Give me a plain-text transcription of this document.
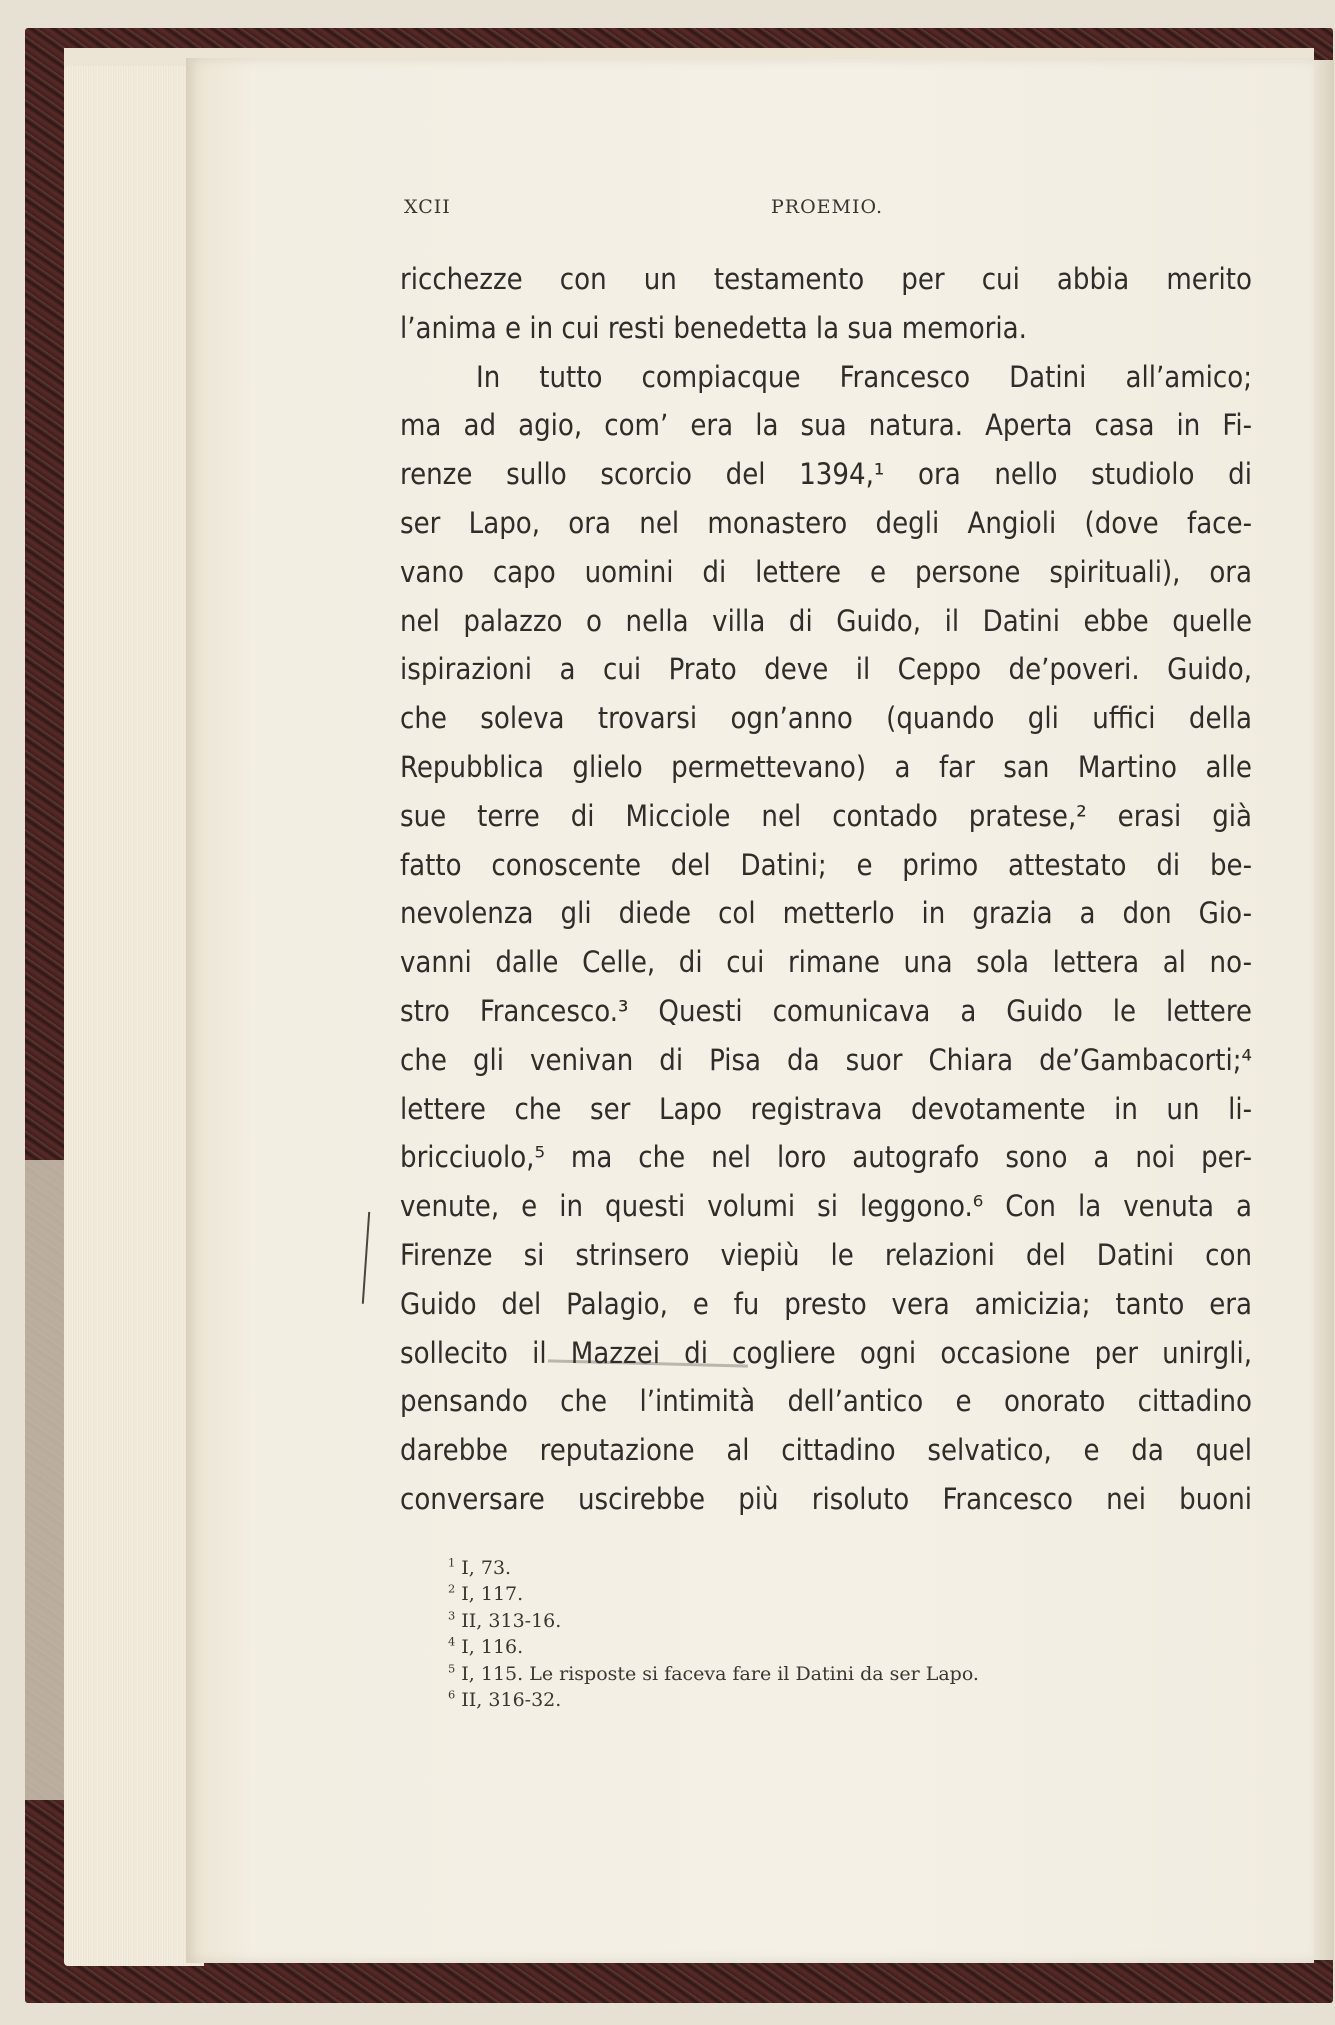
XCII	PROEMIO.
ricchezze con un testamento per cui abbia merito
l’anima e in cui resti benedetta la sua memoria.
In tutto compiacque Francesco Datini all’amico;
ma ad agio, com’ era la sua natura. Aperta casa in Fi-
renze sullo scorcio del 1394,¹ ora nello studiolo di
ser Lapo, ora nel monastero degli Angioli (dove face-
vano capo uomini di lettere e persone spirituali), ora
nel palazzo o nella villa di Guido, il Datini ebbe quelle
ispirazioni a cui Prato deve il Ceppo de’poveri. Guido,
che soleva trovarsi ogn’anno (quando gli uffici della
Repubblica glielo permettevano) a far san Martino alle
sue terre di Micciole nel contado pratese,² erasi già
fatto conoscente del Datini; e primo attestato di be-
nevolenza gli diede col metterlo in grazia a don Gio-
vanni dalle Celle, di cui rimane una sola lettera al no-
stro Francesco.³ Questi comunicava a Guido le lettere
che gli venivan di Pisa da suor Chiara de’Gambacorti;⁴
lettere che ser Lapo registrava devotamente in un li-
bricciuolo,⁵ ma che nel loro autografo sono a noi per-
venute, e in questi volumi si leggono.⁶ Con la venuta a
Firenze si strinsero viepiù le relazioni del Datini con
Guido del Palagio, e fu presto vera amicizia; tanto era
sollecito il Mazzei di cogliere ogni occasione per unirgli,
pensando che l’intimità dell’antico e onorato cittadino
darebbe reputazione al cittadino selvatico, e da quel
conversare uscirebbe più risoluto Francesco nei buoni
$^1$ I, 73.
$^2$ I, 117.
$^3$ II, 313-16.
$^4$ I, 116.
$^5$ I, 115. Le risposte si faceva fare il Datini da ser Lapo.
$^6$ II, 316-32.
